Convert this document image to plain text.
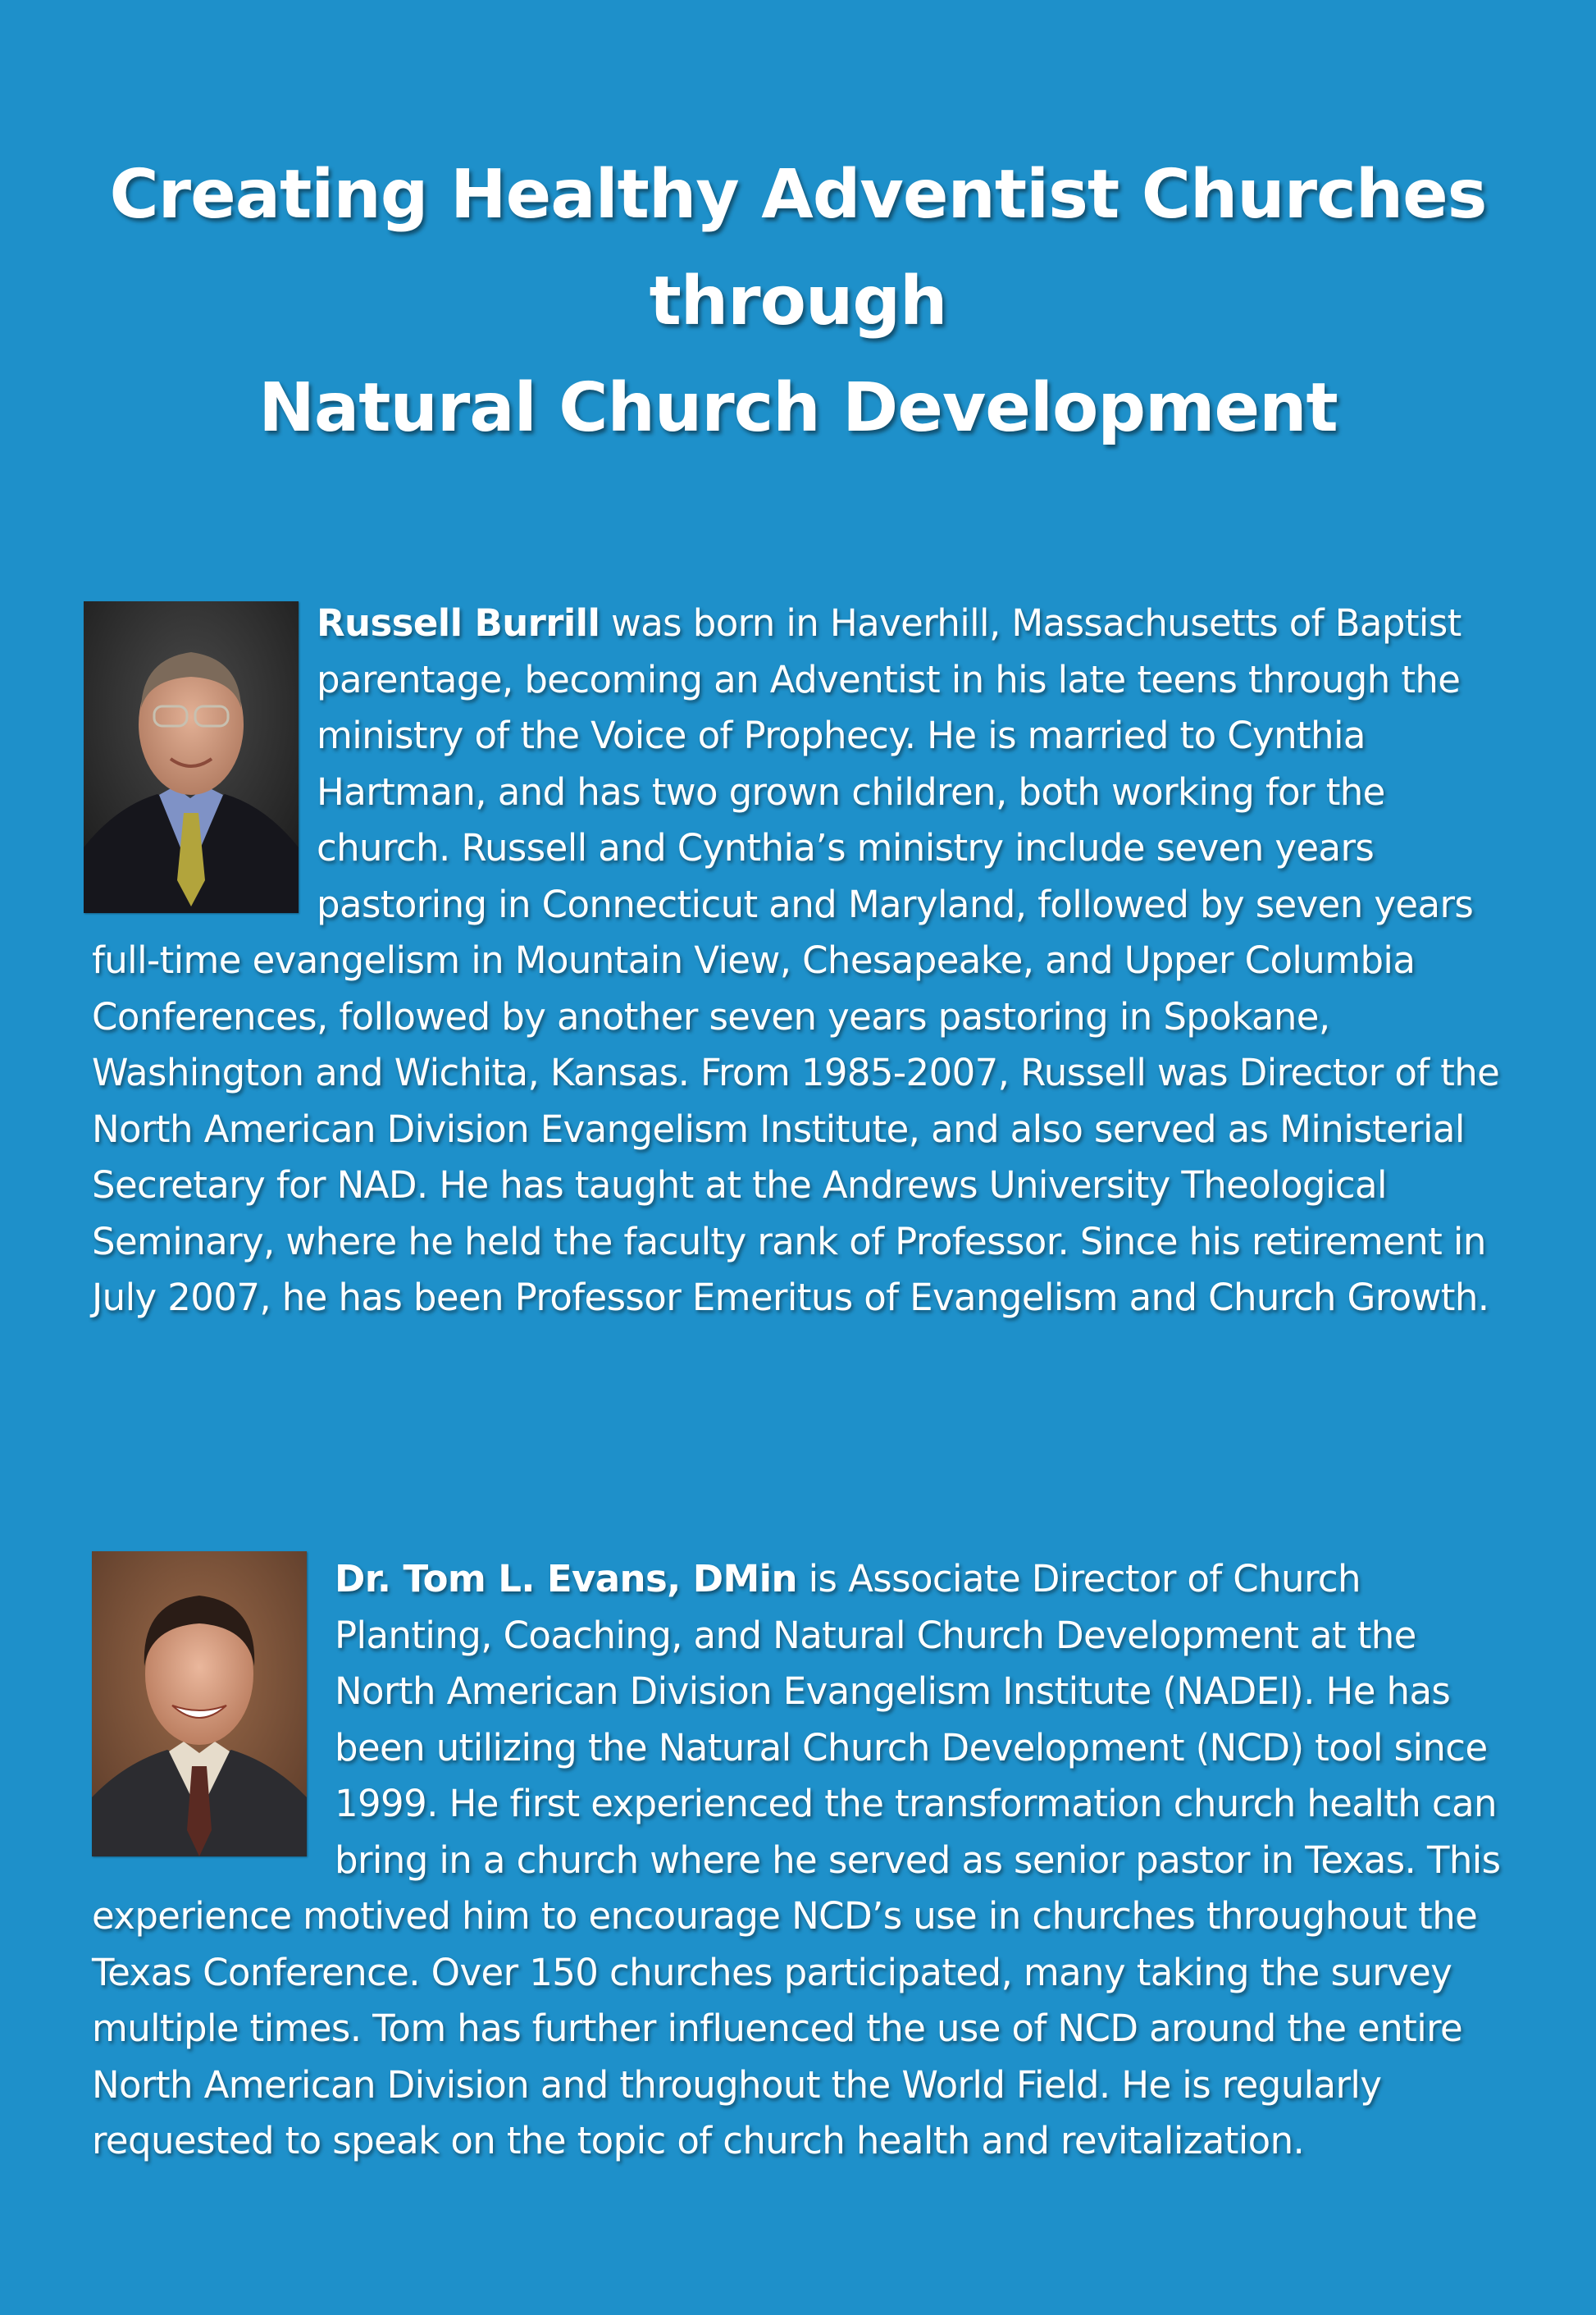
Creating Healthy Adventist Churches
through
Natural Church Development

Russell Burrill was born in Haverhill, Massachusetts of Baptist parentage, becoming an Adventist in his late teens through the ministry of the Voice of Prophecy. He is married to Cynthia Hartman, and has two grown children, both working for the church. Russell and Cynthia’s ministry include seven years pastoring in Connecticut and Maryland, followed by seven years full-time evangelism in Mountain View, Chesapeake, and Upper Columbia Conferences, followed by another seven years pastoring in Spokane, Washington and Wichita, Kansas. From 1985-2007, Russell was Director of the North American Division Evangelism Institute, and also served as Ministerial Secretary for NAD. He has taught at the Andrews University Theological Seminary, where he held the faculty rank of Professor. Since his retirement in July 2007, he has been Professor Emeritus of Evangelism and Church Growth.

Dr. Tom L. Evans, DMin is Associate Director of Church Planting, Coaching, and Natural Church Development at the North American Division Evangelism Institute (NADEI). He has been utilizing the Natural Church Development (NCD) tool since 1999. He first experienced the transformation church health can bring in a church where he served as senior pastor in Texas. This experience motived him to encourage NCD’s use in churches throughout the Texas Conference. Over 150 churches participated, many taking the survey multiple times. Tom has further influenced the use of NCD around the entire North American Division and throughout the World Field. He is regularly requested to speak on the topic of church health and revitalization.
